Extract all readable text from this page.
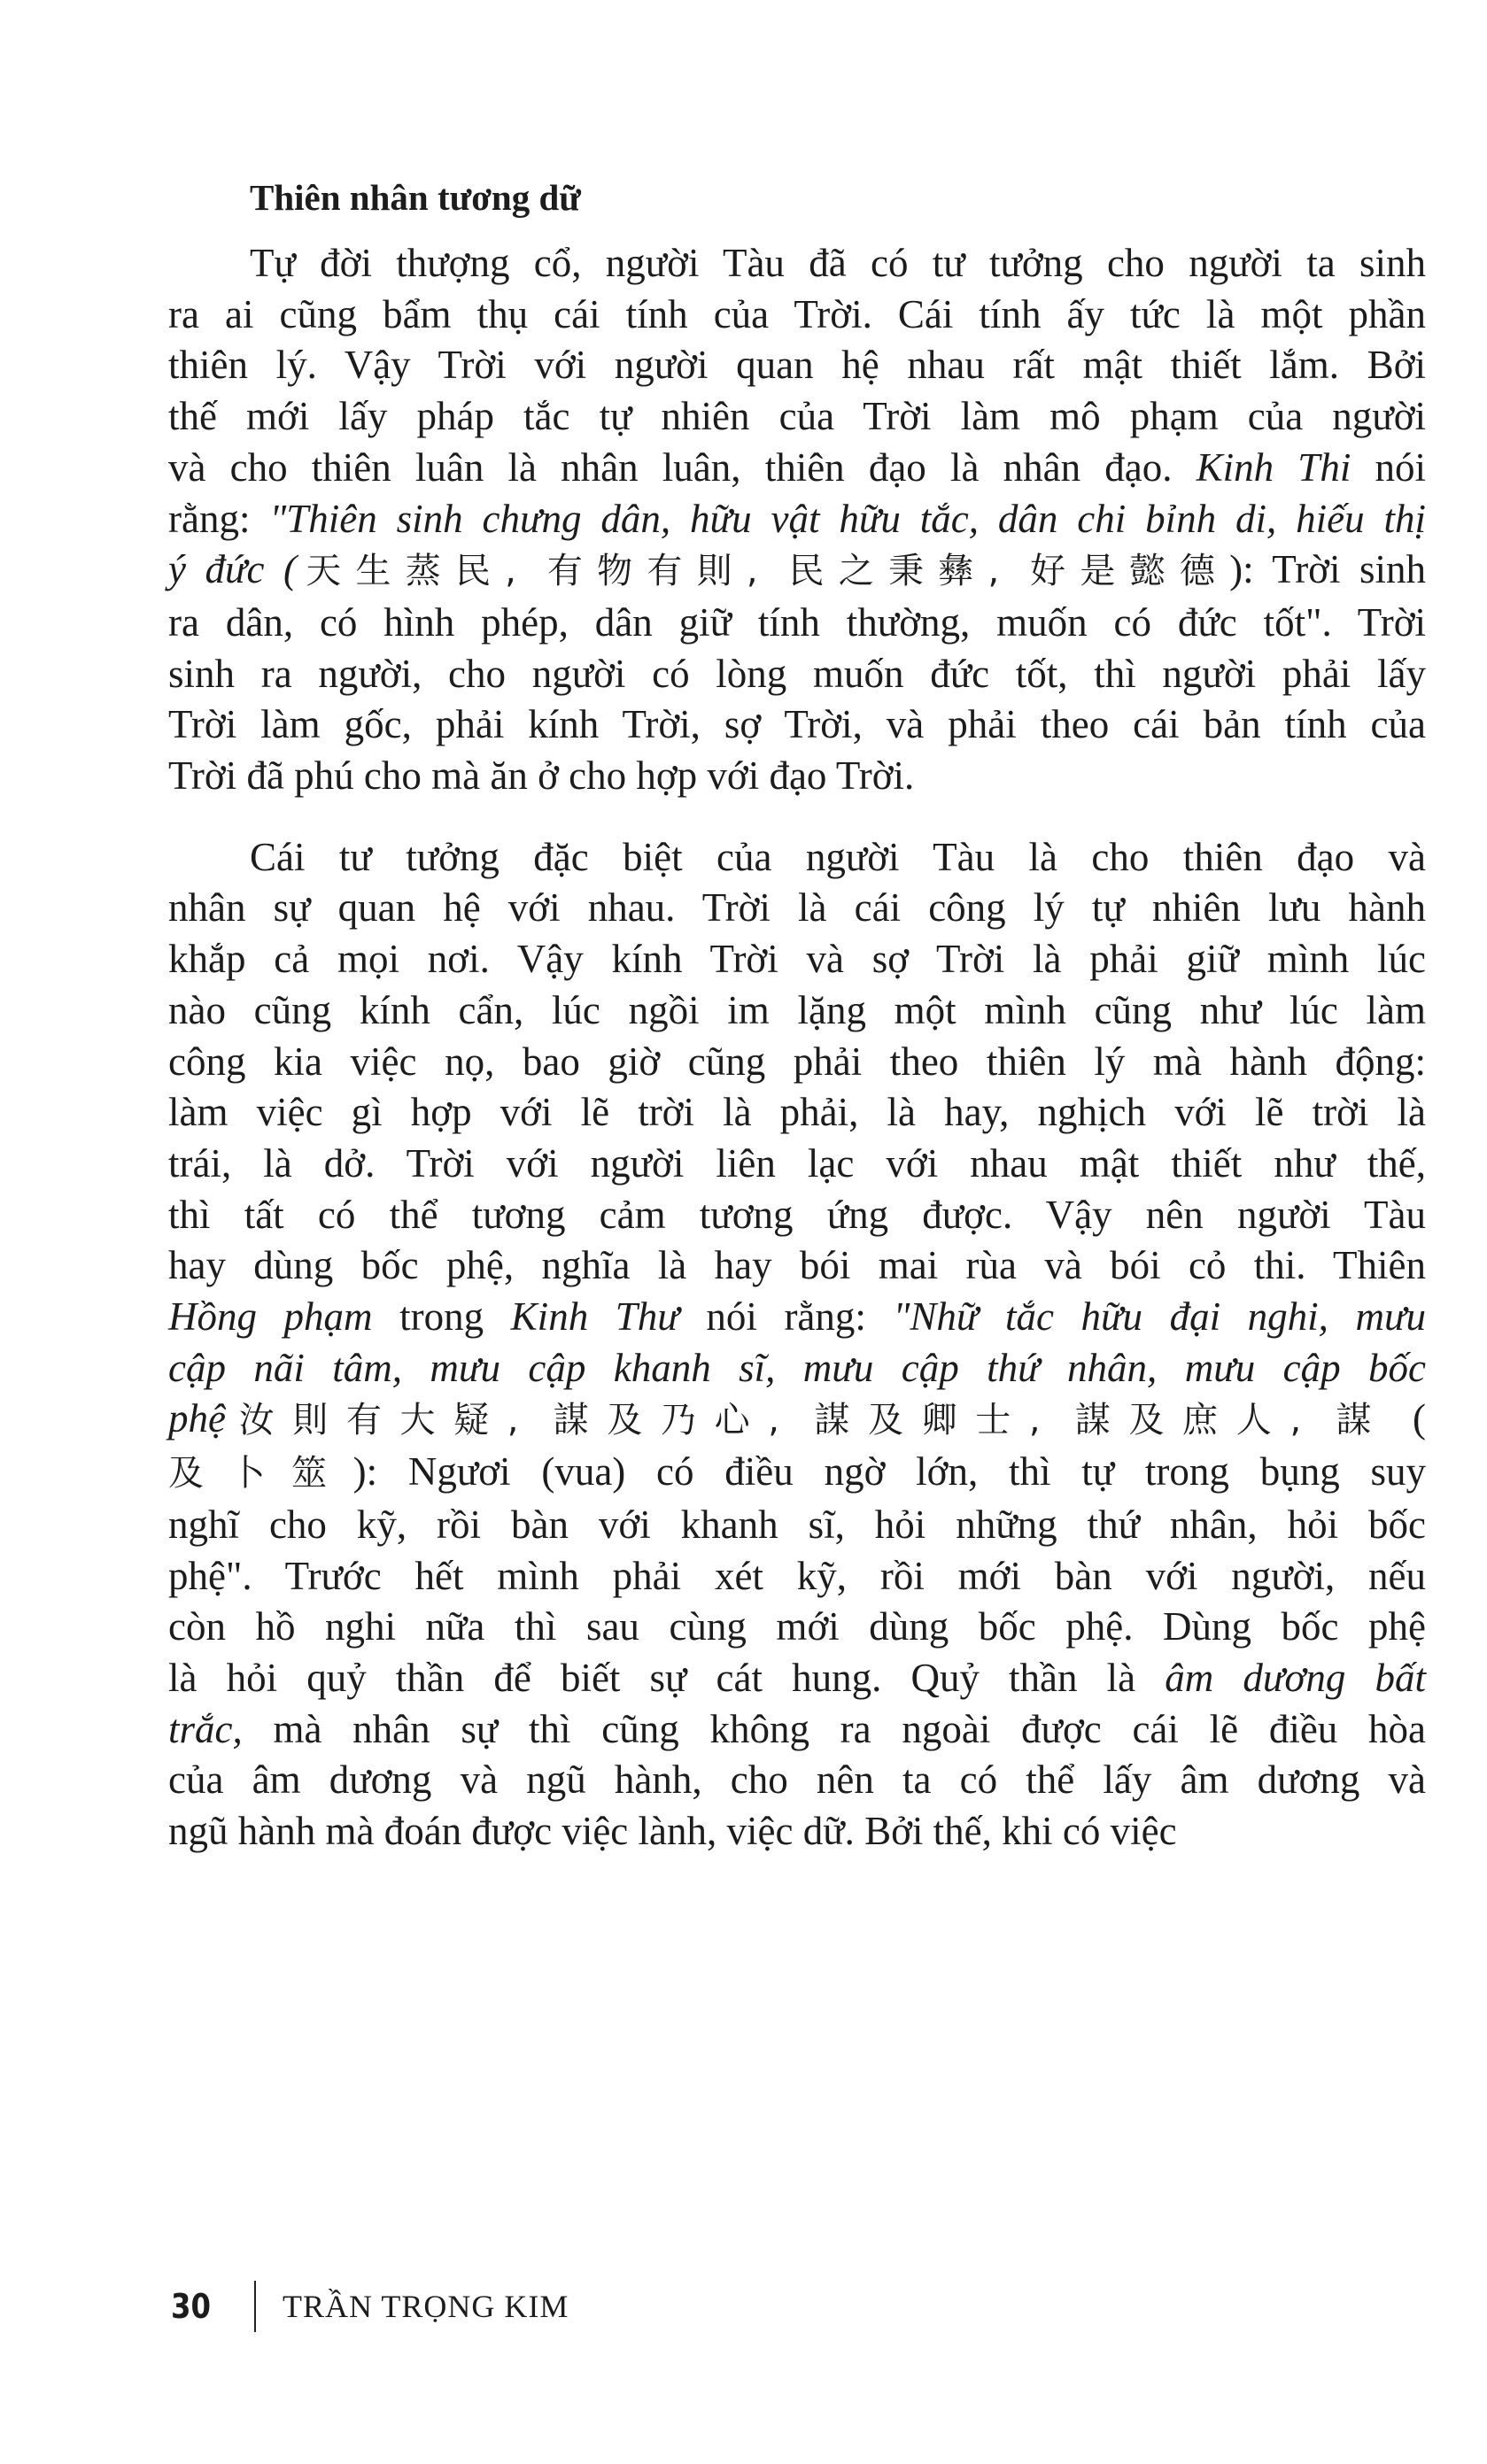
Thiên nhân tương dữ
Tự đời thượng cổ, người Tàu đã có tư tưởng cho người ta sinh
ra ai cũng bẩm thụ cái tính của Trời. Cái tính ấy tức là một phần
thiên lý. Vậy Trời với người quan hệ nhau rất mật thiết lắm. Bởi
thế mới lấy pháp tắc tự nhiên của Trời làm mô phạm của người
và cho thiên luân là nhân luân, thiên đạo là nhân đạo. Kinh Thi nói
rằng: "Thiên sinh chưng dân, hữu vật hữu tắc, dân chi bỉnh di, hiếu thị
ý đức (天生蒸民, 有物有則, 民之秉彝, 好是懿德): Trời sinh
ra dân, có hình phép, dân giữ tính thường, muốn có đức tốt". Trời
sinh ra người, cho người có lòng muốn đức tốt, thì người phải lấy
Trời làm gốc, phải kính Trời, sợ Trời, và phải theo cái bản tính của
Trời đã phú cho mà ăn ở cho hợp với đạo Trời.
Cái tư tưởng đặc biệt của người Tàu là cho thiên đạo và
nhân sự quan hệ với nhau. Trời là cái công lý tự nhiên lưu hành
khắp cả mọi nơi. Vậy kính Trời và sợ Trời là phải giữ mình lúc
nào cũng kính cẩn, lúc ngồi im lặng một mình cũng như lúc làm
công kia việc nọ, bao giờ cũng phải theo thiên lý mà hành động:
làm việc gì hợp với lẽ trời là phải, là hay, nghịch với lẽ trời là
trái, là dở. Trời với người liên lạc với nhau mật thiết như thế,
thì tất có thể tương cảm tương ứng được. Vậy nên người Tàu
hay dùng bốc phệ, nghĩa là hay bói mai rùa và bói cỏ thi. Thiên
Hồng phạm trong Kinh Thư nói rằng: "Nhữ tắc hữu đại nghi, mưu
cập nãi tâm, mưu cập khanh sĩ, mưu cập thứ nhân, mưu cập bốc
phệ汝則有大疑, 謀及乃心, 謀及卿士, 謀及庶人, 謀 (
及卜筮): Ngươi (vua) có điều ngờ lớn, thì tự trong bụng suy
nghĩ cho kỹ, rồi bàn với khanh sĩ, hỏi những thứ nhân, hỏi bốc
phệ". Trước hết mình phải xét kỹ, rồi mới bàn với người, nếu
còn hồ nghi nữa thì sau cùng mới dùng bốc phệ. Dùng bốc phệ
là hỏi quỷ thần để biết sự cát hung. Quỷ thần là âm dương bất
trắc, mà nhân sự thì cũng không ra ngoài được cái lẽ điều hòa
của âm dương và ngũ hành, cho nên ta có thể lấy âm dương và
ngũ hành mà đoán được việc lành, việc dữ. Bởi thế, khi có việc
30 TRẦN TRỌNG KIM
